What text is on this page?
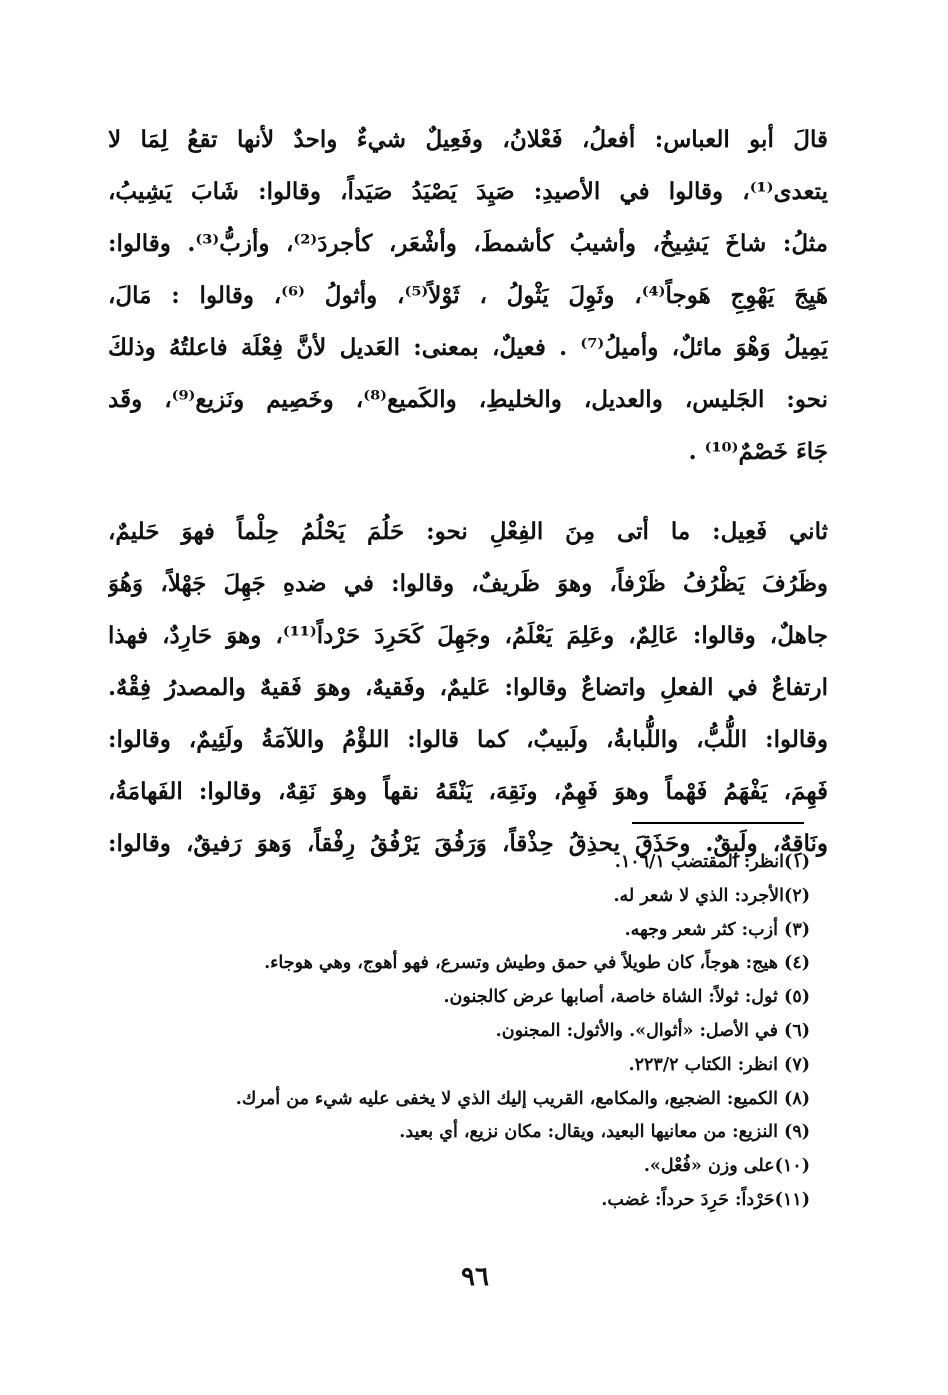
قالَ أبو العباس: أفعلُ، فَعْلانُ، وفَعِيلٌ شيءٌ واحدٌ لأنها تقعُ لِمَا لا
يتعدى⁽¹⁾، وقالوا في الأصيدِ: صَيِدَ يَصْيَدُ صَيَداً، وقالوا: شَابَ يَشِيبُ،
مثلُ: شاخَ يَشِيخُ، وأشيبُ كأشمطَ، وأشْعَر، كأجردَ⁽²⁾، وأزبُّ⁽³⁾. وقالوا:
هَيِجَ يَهْوِجِ هَوجاً⁽⁴⁾، وثَوِلَ يَثْولُ ، ثَوْلاً⁽⁵⁾، وأثولُ ⁽⁶⁾، وقالوا : مَالَ،
يَمِيلُ وَهْوَ مائلٌ، وأميلُ⁽⁷⁾ . فعيلٌ، بمعنى: العَديل لأنَّ فِعْلَة فاعلتُهُ وذلكَ
نحو: الجَليس، والعديل، والخليطِ، والكَميع⁽⁸⁾، وخَصِيم ونَزيع⁽⁹⁾، وقَد
جَاءَ خَصْمٌ⁽¹⁰⁾ .
ثاني فَعِيل: ما أتى مِنَ الفِعْلِ نحو: حَلُمَ يَحْلُمُ حِلْماً فهوَ حَليمٌ،
وظَرُفَ يَظْرُفُ ظَرْفاً، وهوَ ظَريفٌ، وقالوا: في ضدهِ جَهِلَ جَهْلاً، وَهُوَ
جاهلٌ، وقالوا: عَالِمٌ، وعَلِمَ يَعْلَمُ، وجَهِلَ كَحَرِدَ حَرْداً⁽¹¹⁾، وهوَ حَارِدٌ، فهذا
ارتفاعٌ في الفعلِ واتضاعٌ وقالوا: عَليمٌ، وفَقيهٌ، وهوَ فَقيهٌ والمصدرُ فِقْهٌ.
وقالوا: اللُّبُّ، واللُّبابةُ، ولَبيبٌ، كما قالوا: اللؤْمُ واللآمَةُ ولَئِيمٌ، وقالوا:
فَهِمَ، يَفْهَمُ فَهْماً وهوَ فَهِمٌ، ونَقِهَ، يَنْقَهُ نقهاً وهوَ نَقِهٌ، وقالوا: الفَهامَةُ،
ونَاقِهٌ، ولَبِقٌ. وحَذَقَ يحذِقُ حِذْقاً، وَرَفُقَ يَرْفُقُ رِفْقاً، وَهوَ رَفيقٌ، وقالوا:
(١)انظر: المقتضب ١٠٦/١.
(٢)الأجرد: الذي لا شعر له.
(٣) أزب: كثر شعر وجهه.
(٤) هيج: هوجاً، كان طويلاً في حمق وطيش وتسرع، فهو أهوج، وهي هوجاء.
(٥) ثول: ثولاً: الشاة خاصة، أصابها عرض كالجنون.
(٦) في الأصل: «أثوال». والأثول: المجنون.
(٧) انظر: الكتاب ٢٢٣/٢.
(٨) الكميع: الضجيع، والمكامع، القريب إليك الذي لا يخفى عليه شيء من أمرك.
(٩) النزيع: من معانيها البعيد، ويقال: مكان نزيع، أي بعيد.
(١٠)على وزن «فُعْل».
(١١)حَرْداً: حَرِدَ حرداً: غضب.
٩٦
